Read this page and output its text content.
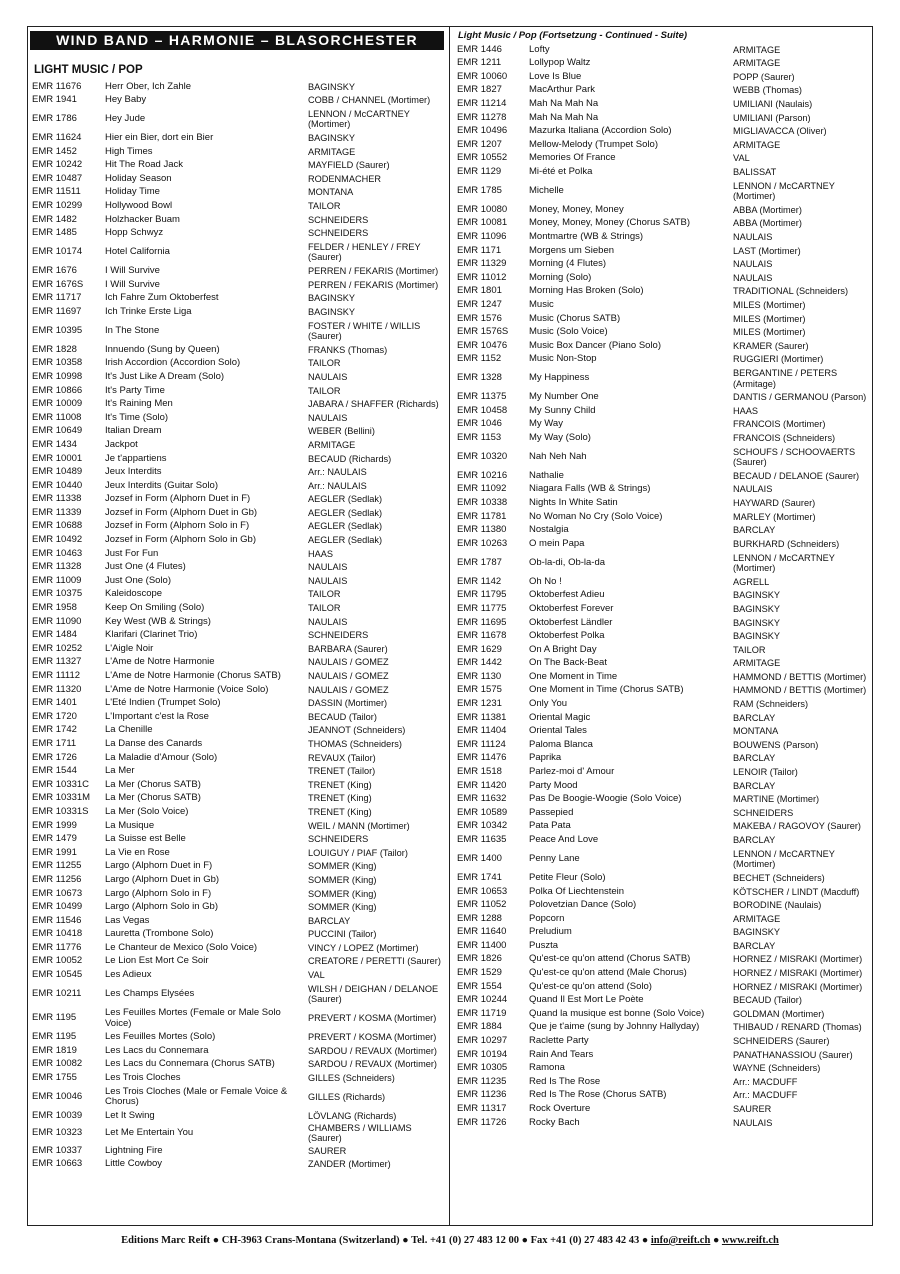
WIND BAND – HARMONIE – BLASORCHESTER
LIGHT MUSIC / POP
Light Music / Pop (Fortsetzung - Continued - Suite)
EMR 11676	Herr Ober, Ich Zahle	BAGINSKY
EMR 1941	Hey Baby	COBB / CHANNEL (Mortimer)
EMR 1786	Hey Jude	LENNON / McCARTNEY (Mortimer)
EMR 11624	Hier ein Bier, dort ein Bier	BAGINSKY
EMR 1452	High Times	ARMITAGE
EMR 10242	Hit The Road Jack	MAYFIELD (Saurer)
EMR 10487	Holiday Season	RODENMACHER
EMR 11511	Holiday Time	MONTANA
EMR 10299	Hollywood Bowl	TAILOR
EMR 1482	Holzhacker Buam	SCHNEIDERS
EMR 1485	Hopp Schwyz	SCHNEIDERS
EMR 10174	Hotel California	FELDER / HENLEY / FREY (Saurer)
EMR 1676	I Will Survive	PERREN / FEKARIS (Mortimer)
EMR 1676S	I Will Survive	PERREN / FEKARIS (Mortimer)
EMR 11717	Ich Fahre Zum Oktoberfest	BAGINSKY
EMR 11697	Ich Trinke Erste Liga	BAGINSKY
EMR 10395	In The Stone	FOSTER / WHITE / WILLIS (Saurer)
EMR 1828	Innuendo (Sung by Queen)	FRANKS (Thomas)
EMR 10358	Irish Accordion (Accordion Solo)	TAILOR
EMR 10998	It's Just Like A Dream (Solo)	NAULAIS
EMR 10866	It's Party Time	TAILOR
EMR 10009	It's Raining Men	JABARA / SHAFFER (Richards)
EMR 11008	It's Time (Solo)	NAULAIS
EMR 10649	Italian Dream	WEBER (Bellini)
EMR 1434	Jackpot	ARMITAGE
EMR 10001	Je t'appartiens	BECAUD (Richards)
EMR 10489	Jeux Interdits	Arr.: NAULAIS
EMR 10440	Jeux Interdits (Guitar Solo)	Arr.: NAULAIS
EMR 11338	Jozsef in Form (Alphorn Duet in F)	AEGLER (Sedlak)
EMR 11339	Jozsef in Form (Alphorn Duet in Gb)	AEGLER (Sedlak)
EMR 10688	Jozsef in Form (Alphorn Solo in F)	AEGLER (Sedlak)
EMR 10492	Jozsef in Form (Alphorn Solo in Gb)	AEGLER (Sedlak)
EMR 10463	Just For Fun	HAAS
EMR 11328	Just One (4 Flutes)	NAULAIS
EMR 11009	Just One (Solo)	NAULAIS
EMR 10375	Kaleidoscope	TAILOR
EMR 1958	Keep On Smiling (Solo)	TAILOR
EMR 11090	Key West (WB & Strings)	NAULAIS
EMR 1484	Klarifari (Clarinet Trio)	SCHNEIDERS
EMR 10252	L'Aigle Noir	BARBARA (Saurer)
EMR 11327	L'Ame de Notre Harmonie	NAULAIS / GOMEZ
EMR 11112	L'Ame de Notre Harmonie (Chorus SATB)	NAULAIS / GOMEZ
EMR 11320	L'Ame de Notre Harmonie (Voice Solo)	NAULAIS / GOMEZ
EMR 1401	L'Eté Indien (Trumpet Solo)	DASSIN (Mortimer)
EMR 1720	L'Important c'est la Rose	BECAUD (Tailor)
EMR 1742	La Chenille	JEANNOT (Schneiders)
EMR 1711	La Danse des Canards	THOMAS (Schneiders)
EMR 1726	La Maladie d'Amour (Solo)	REVAUX (Tailor)
EMR 1544	La Mer	TRENET (Tailor)
EMR 10331C	La Mer (Chorus SATB)	TRENET (King)
EMR 10331M	La Mer (Chorus SATB)	TRENET (King)
EMR 10331S	La Mer (Solo Voice)	TRENET (King)
EMR 1999	La Musique	WEIL / MANN (Mortimer)
EMR 1479	La Suisse est Belle	SCHNEIDERS
EMR 1991	La Vie en Rose	LOUIGUY / PIAF (Tailor)
EMR 11255	Largo (Alphorn Duet in F)	SOMMER (King)
EMR 11256	Largo (Alphorn Duet in Gb)	SOMMER (King)
EMR 10673	Largo (Alphorn Solo in F)	SOMMER (King)
EMR 10499	Largo (Alphorn Solo in Gb)	SOMMER (King)
EMR 11546	Las Vegas	BARCLAY
EMR 10418	Lauretta (Trombone Solo)	PUCCINI (Tailor)
EMR 11776	Le Chanteur de Mexico (Solo Voice)	VINCY / LOPEZ (Mortimer)
EMR 10052	Le Lion Est Mort Ce Soir	CREATORE / PERETTI (Saurer)
EMR 10545	Les Adieux	VAL
EMR 10211	Les Champs Elysées	WILSH / DEIGHAN / DELANOE (Saurer)
EMR 1195	Les Feuilles Mortes (Female or Male Solo Voice)	PREVERT / KOSMA (Mortimer)
EMR 1195	Les Feuilles Mortes (Solo)	PREVERT / KOSMA (Mortimer)
EMR 1819	Les Lacs du Connemara	SARDOU / REVAUX (Mortimer)
EMR 10082	Les Lacs du Connemara (Chorus SATB)	SARDOU / REVAUX (Mortimer)
EMR 1755	Les Trois Cloches	GILLES (Schneiders)
EMR 10046	Les Trois Cloches (Male or Female Voice & Chorus)	GILLES (Richards)
EMR 10039	Let It Swing	LÖVLANG (Richards)
EMR 10323	Let Me Entertain You	CHAMBERS / WILLIAMS (Saurer)
EMR 10337	Lightning Fire	SAURER
EMR 10663	Little Cowboy	ZANDER (Mortimer)
EMR 1446	Lofty	ARMITAGE
EMR 1211	Lollypop Waltz	ARMITAGE
EMR 10060	Love Is Blue	POPP (Saurer)
EMR 1827	MacArthur Park	WEBB (Thomas)
EMR 11214	Mah Na Mah Na	UMILIANI (Naulais)
EMR 11278	Mah Na Mah Na	UMILIANI (Parson)
EMR 10496	Mazurka Italiana (Accordion Solo)	MIGLIAVACCA (Oliver)
EMR 1207	Mellow-Melody (Trumpet Solo)	ARMITAGE
EMR 10552	Memories Of France	VAL
EMR 1129	Mi-été et Polka	BALISSAT
EMR 1785	Michelle	LENNON / McCARTNEY (Mortimer)
EMR 10080	Money, Money, Money	ABBA (Mortimer)
EMR 10081	Money, Money, Money (Chorus SATB)	ABBA (Mortimer)
EMR 11096	Montmartre (WB & Strings)	NAULAIS
EMR 1171	Morgens um Sieben	LAST (Mortimer)
EMR 11329	Morning (4 Flutes)	NAULAIS
EMR 11012	Morning (Solo)	NAULAIS
EMR 1801	Morning Has Broken (Solo)	TRADITIONAL (Schneiders)
EMR 1247	Music	MILES (Mortimer)
EMR 1576	Music (Chorus SATB)	MILES (Mortimer)
EMR 1576S	Music (Solo Voice)	MILES (Mortimer)
EMR 10476	Music Box Dancer (Piano Solo)	KRAMER (Saurer)
EMR 1152	Music Non-Stop	RUGGIERI (Mortimer)
EMR 1328	My Happiness	BERGANTINE / PETERS (Armitage)
EMR 11375	My Number One	DANTIS / GERMANOU (Parson)
EMR 10458	My Sunny Child	HAAS
EMR 1046	My Way	FRANCOIS (Mortimer)
EMR 1153	My Way (Solo)	FRANCOIS (Schneiders)
EMR 10320	Nah Neh Nah	SCHOUFS / SCHOOVAERTS (Saurer)
EMR 10216	Nathalie	BECAUD / DELANOE (Saurer)
EMR 11092	Niagara Falls (WB & Strings)	NAULAIS
EMR 10338	Nights In White Satin	HAYWARD (Saurer)
EMR 11781	No Woman No Cry (Solo Voice)	MARLEY (Mortimer)
EMR 11380	Nostalgia	BARCLAY
EMR 10263	O mein Papa	BURKHARD (Schneiders)
EMR 1787	Ob-la-di, Ob-la-da	LENNON / McCARTNEY (Mortimer)
EMR 1142	Oh No !	AGRELL
EMR 11795	Oktoberfest Adieu	BAGINSKY
EMR 11775	Oktoberfest Forever	BAGINSKY
EMR 11695	Oktoberfest Ländler	BAGINSKY
EMR 11678	Oktoberfest Polka	BAGINSKY
EMR 1629	On A Bright Day	TAILOR
EMR 1442	On The Back-Beat	ARMITAGE
EMR 1130	One Moment in Time	HAMMOND / BETTIS (Mortimer)
EMR 1575	One Moment in Time (Chorus SATB)	HAMMOND / BETTIS (Mortimer)
EMR 1231	Only You	RAM (Schneiders)
EMR 11381	Oriental Magic	BARCLAY
EMR 11404	Oriental Tales	MONTANA
EMR 11124	Paloma Blanca	BOUWENS (Parson)
EMR 11476	Paprika	BARCLAY
EMR 1518	Parlez-moi d' Amour	LENOIR (Tailor)
EMR 11420	Party Mood	BARCLAY
EMR 11632	Pas De Boogie-Woogie (Solo Voice)	MARTINE (Mortimer)
EMR 10589	Passepied	SCHNEIDERS
EMR 10342	Pata Pata	MAKEBA / RAGOVOY (Saurer)
EMR 11635	Peace And Love	BARCLAY
EMR 1400	Penny Lane	LENNON / McCARTNEY (Mortimer)
EMR 1741	Petite Fleur (Solo)	BECHET (Schneiders)
EMR 10653	Polka Of Liechtenstein	KÖTSCHER / LINDT (Macduff)
EMR 11052	Polovetzian Dance (Solo)	BORODINE (Naulais)
EMR 1288	Popcorn	ARMITAGE
EMR 11640	Preludium	BAGINSKY
EMR 11400	Puszta	BARCLAY
EMR 1826	Qu'est-ce qu'on attend (Chorus SATB)	HORNEZ / MISRAKI (Mortimer)
EMR 1529	Qu'est-ce qu'on attend (Male Chorus)	HORNEZ / MISRAKI (Mortimer)
EMR 1554	Qu'est-ce qu'on attend (Solo)	HORNEZ / MISRAKI (Mortimer)
EMR 10244	Quand Il Est Mort Le Poète	BECAUD (Tailor)
EMR 11719	Quand la musique est bonne (Solo Voice)	GOLDMAN (Mortimer)
EMR 1884	Que je t'aime (sung by Johnny Hallyday)	THIBAUD / RENARD (Thomas)
EMR 10297	Raclette Party	SCHNEIDERS (Saurer)
EMR 10194	Rain And Tears	PANATHANASSIOU (Saurer)
EMR 10305	Ramona	WAYNE (Schneiders)
EMR 11235	Red Is The Rose	Arr.: MACDUFF
EMR 11236	Red Is The Rose (Chorus SATB)	Arr.: MACDUFF
EMR 11317	Rock Overture	SAURER
EMR 11726	Rocky Bach	NAULAIS
Editions Marc Reift ● CH-3963 Crans-Montana (Switzerland) ● Tel. +41 (0) 27 483 12 00 ● Fax +41 (0) 27 483 42 43 ● info@reift.ch ● www.reift.ch
